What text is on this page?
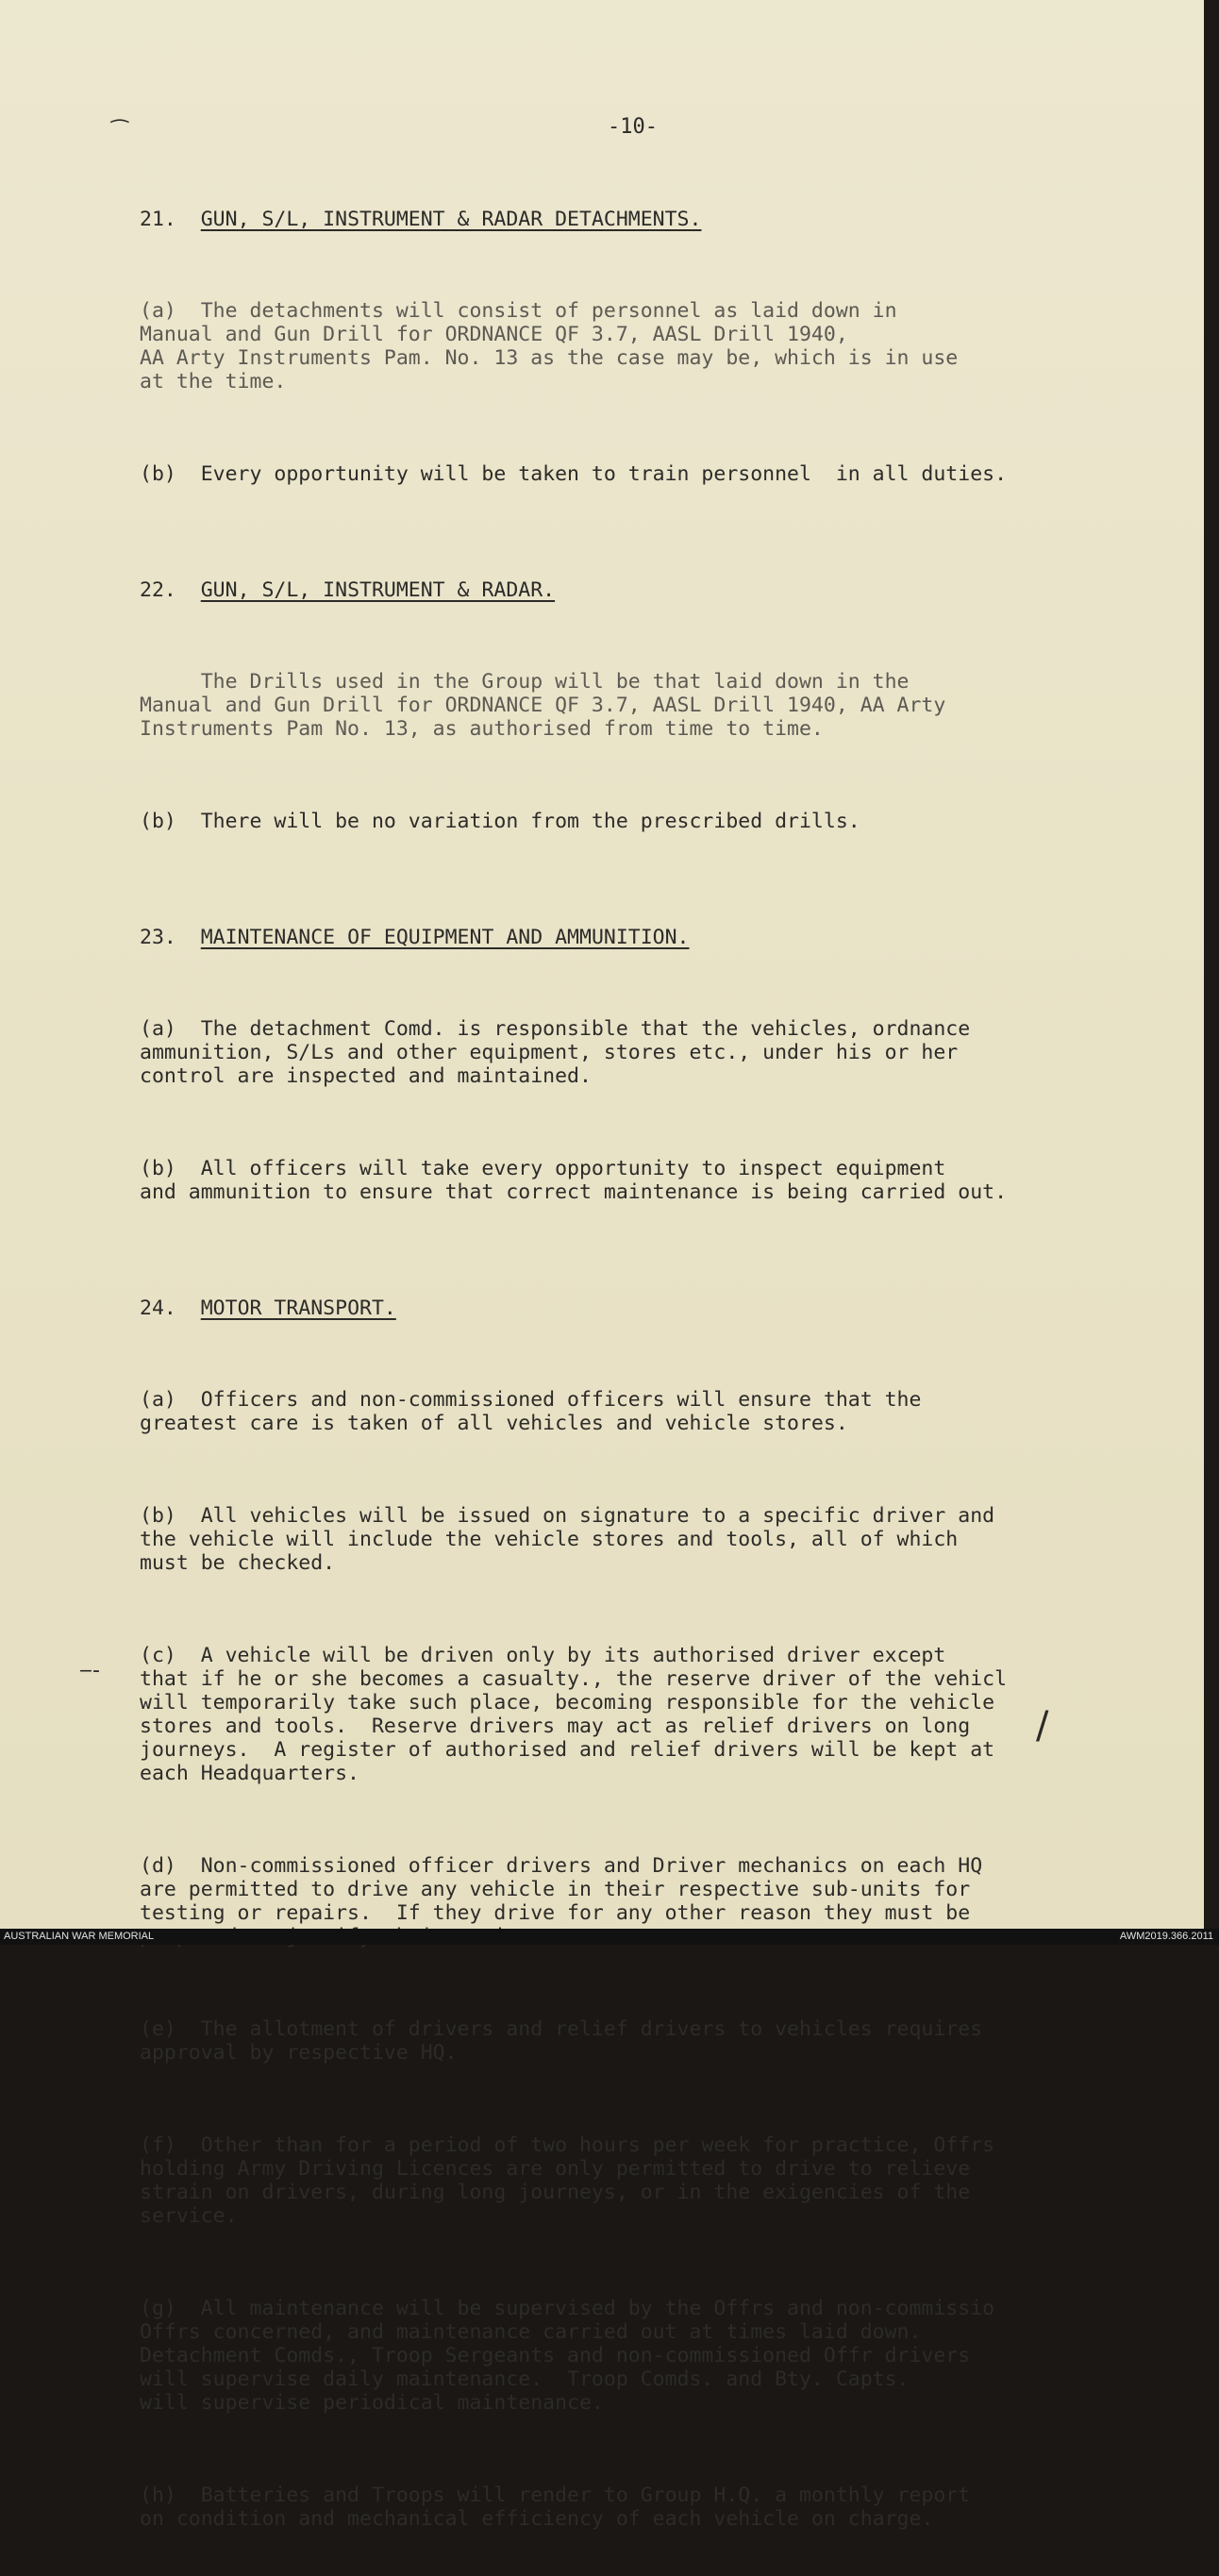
⁀
‒‐
/
-10-

21. GUN, S/L, INSTRUMENT & RADAR DETACHMENTS.

(a)  The detachments will consist of personnel as laid down in
Manual and Gun Drill for ORDNANCE QF 3.7, AASL Drill 1940,
AA Arty Instruments Pam. No. 13 as the case may be, which is in use
at the time.

(b)  Every opportunity will be taken to train personnel  in all duties.

22. GUN, S/L, INSTRUMENT & RADAR.

The Drills used in the Group will be that laid down in the
Manual and Gun Drill for ORDNANCE QF 3.7, AASL Drill 1940, AA Arty
Instruments Pam No. 13, as authorised from time to time.

(b)  There will be no variation from the prescribed drills.

23. MAINTENANCE OF EQUIPMENT AND AMMUNITION.

(a)  The detachment Comd. is responsible that the vehicles, ordnance
ammunition, S/Ls and other equipment, stores etc., under his or her
control are inspected and maintained.

(b)  All officers will take every opportunity to inspect equipment
and ammunition to ensure that correct maintenance is being carried out.

24. MOTOR TRANSPORT.

(a)  Officers and non-commissioned officers will ensure that the
greatest care is taken of all vehicles and vehicle stores.

(b)  All vehicles will be issued on signature to a specific driver and
the vehicle will include the vehicle stores and tools, all of which
must be checked.

(c)  A vehicle will be driven only by its authorised driver except
that if he or she becomes a casualty., the reserve driver of the vehicl
will temporarily take such place, becoming responsible for the vehicle
stores and tools.  Reserve drivers may act as relief drivers on long
journeys.  A register of authorised and relief drivers will be kept at
each Headquarters.

(d)  Non-commissioned officer drivers and Driver mechanics on each HQ
are permitted to drive any vehicle in their respective sub-units for
testing or repairs.  If they drive for any other reason they must be

(e)  The allotment of drivers and relief drivers to vehicles requires
approval by respective HQ.

(f)  Other than for a period of two hours per week for practice, Offrs
holding Army Driving Licences are only permitted to drive to relieve
strain on drivers, during long journeys, or in the exigencies of the
service.

(g)  All maintenance will be supervised by the Offrs and non-commissio
Offrs concerned, and maintenance carried out at times laid down.
Detachment Comds., Troop Sergeants and non-commissioned Offr drivers
will supervise daily maintenance.  Troop Comds. and Bty. Capts.
will supervise periodical maintenance.

(h)  Batteries and Troops will render to Group H.Q. a monthly report
on condition and mechanical efficiency of each vehicle on charge.

AUSTRALIAN WAR MEMORIAL	AWM2019.366.2011
